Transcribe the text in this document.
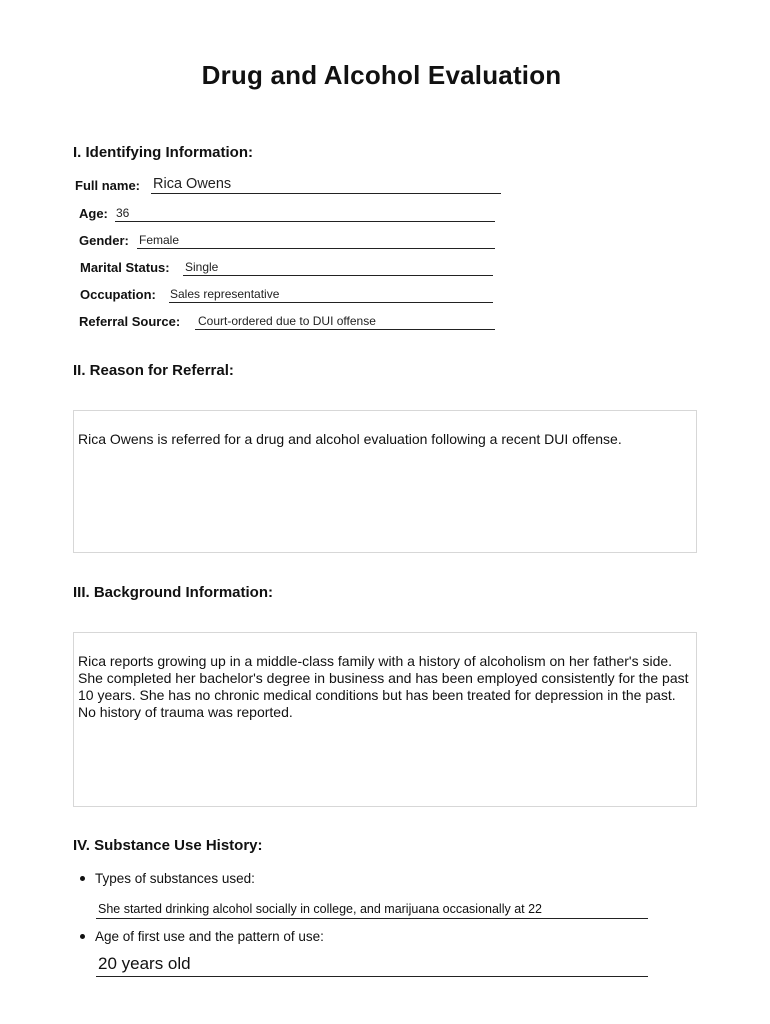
Drug and Alcohol Evaluation
I. Identifying Information:
Full name: Rica Owens
Age: 36
Gender: Female
Marital Status: Single
Occupation: Sales representative
Referral Source: Court-ordered due to DUI offense
II. Reason for Referral:
Rica Owens is referred for a drug and alcohol evaluation following a recent DUI offense.
III. Background Information:
Rica reports growing up in a middle-class family with a history of alcoholism on her father's side. She completed her bachelor's degree in business and has been employed consistently for the past 10 years. She has no chronic medical conditions but has been treated for depression in the past. No history of trauma was reported.
IV. Substance Use History:
Types of substances used:
She started drinking alcohol socially in college, and marijuana occasionally at 22
Age of first use and the pattern of use:
20 years old
